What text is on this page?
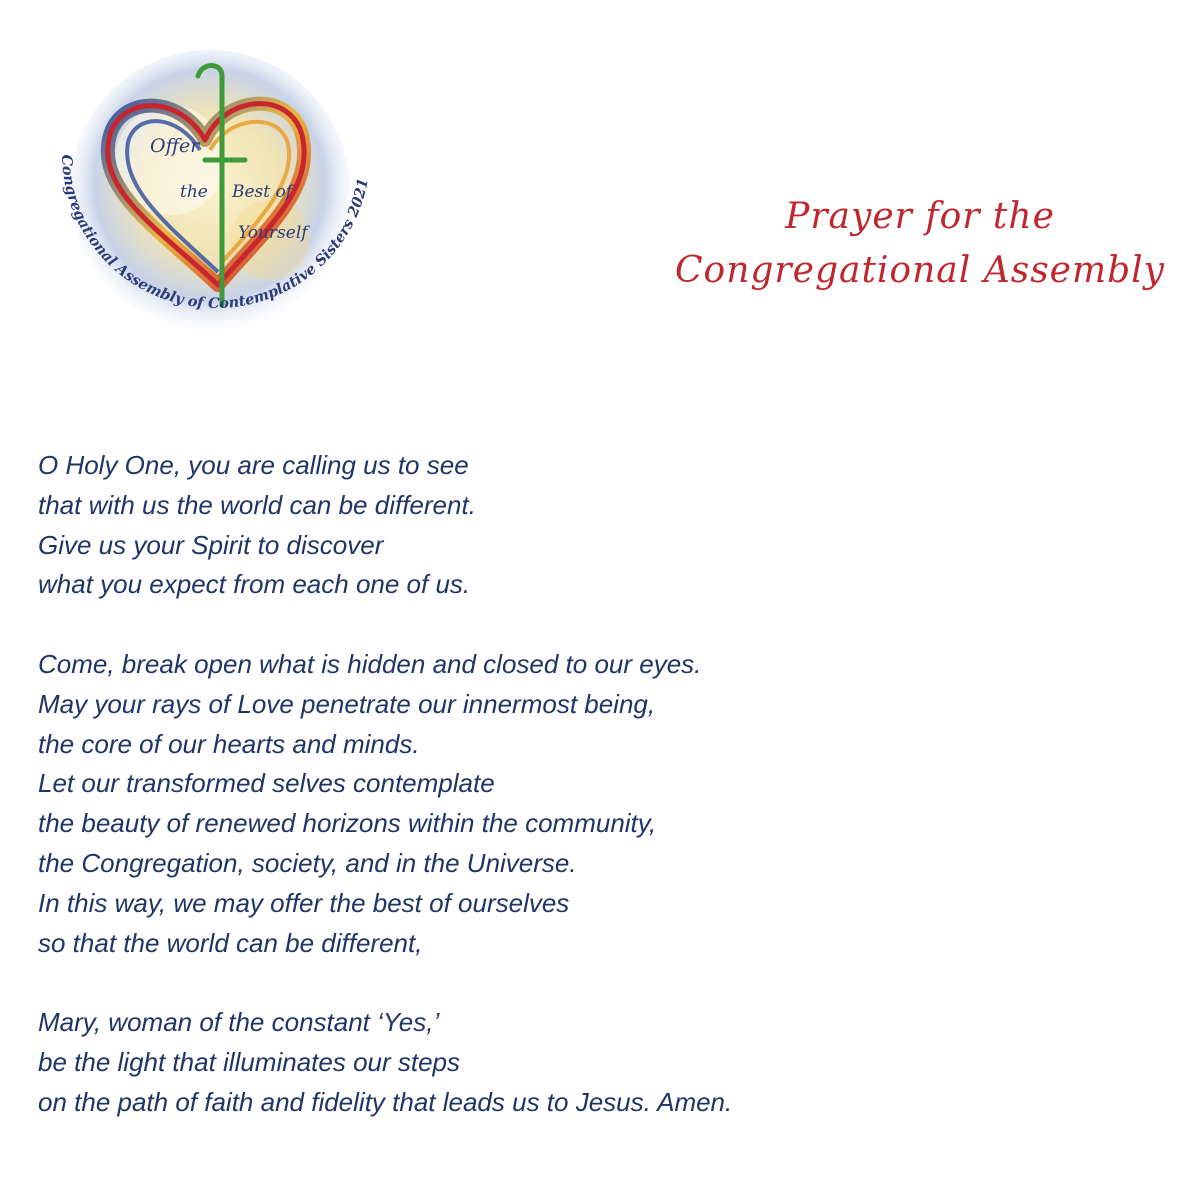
Offer
the Best of
Yourself
Congregational Assembly of Contemplative Sisters 2021
Prayer for the
Congregational Assembly
O Holy One, you are calling us to see
that with us the world can be different.
Give us your Spirit to discover
what you expect from each one of us.
Come, break open what is hidden and closed to our eyes.
May your rays of Love penetrate our innermost being,
the core of our hearts and minds.
Let our transformed selves contemplate
the beauty of renewed horizons within the community,
the Congregation, society, and in the Universe.
In this way, we may offer the best of ourselves
so that the world can be different,
Mary, woman of the constant ‘Yes,’
be the light that illuminates our steps
on the path of faith and fidelity that leads us to Jesus. Amen.
